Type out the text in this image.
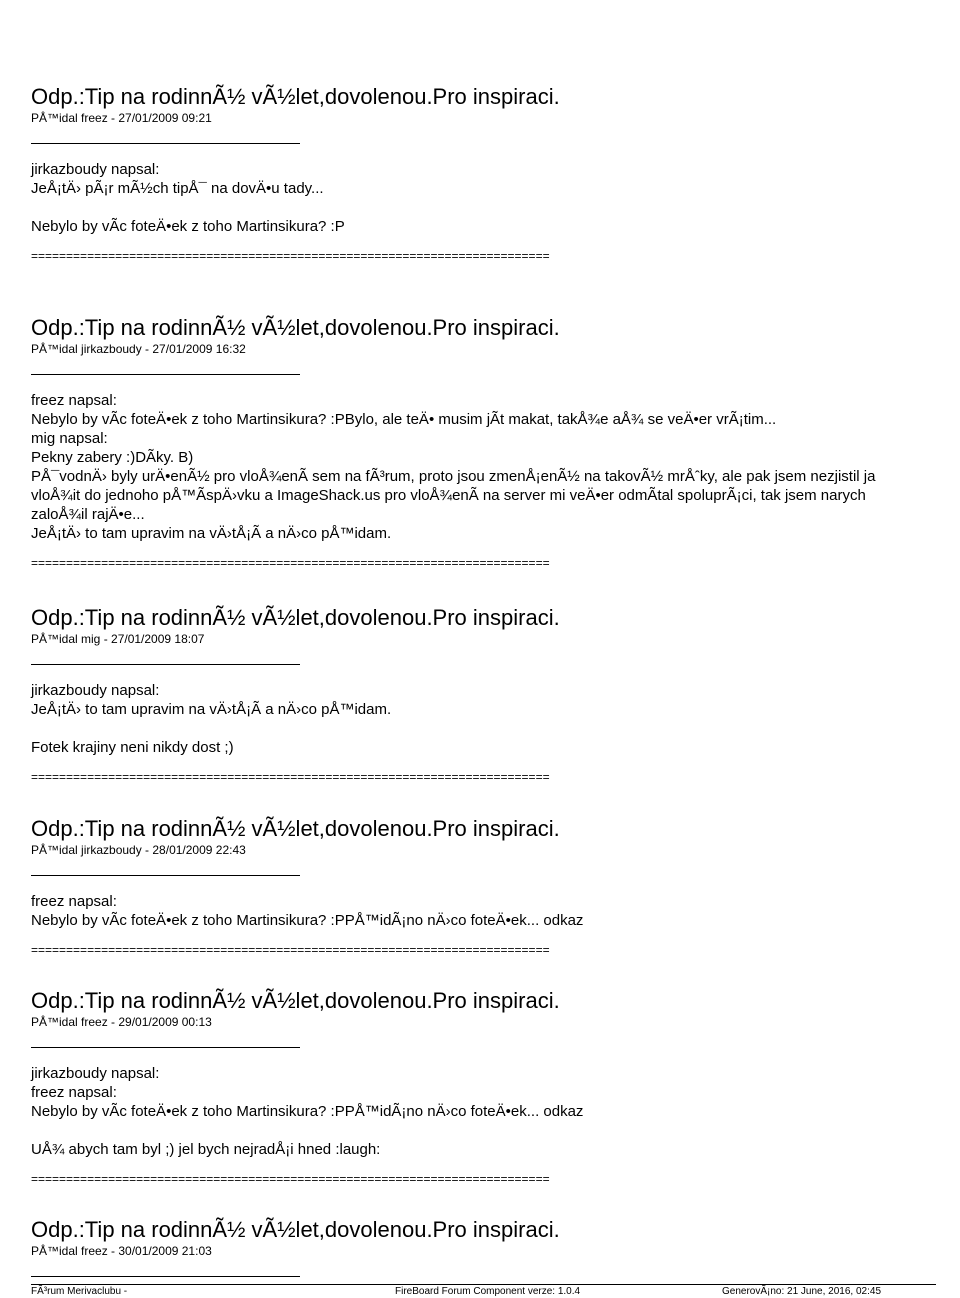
Odp.:Tip na rodinnÃ½ vÃ½let,dovolenou.Pro inspiraci.
PÅ™idal freez - 27/01/2009 09:21

jirkazboudy napsal:

JeÅ¡tÄ› pÃ¡r mÃ½ch tipÅ¯ na dovÄ•u tady...

Nebylo by vÃc foteÄ•ek z toho Martinsikura? :P

==========================================================================
Odp.:Tip na rodinnÃ½ vÃ½let,dovolenou.Pro inspiraci.
PÅ™idal jirkazboudy - 27/01/2009 16:32

freez napsal:

Nebylo by vÃc foteÄ•ek z toho Martinsikura? :PBylo, ale teÄ• musim jÃt makat, takÅ¾e aÅ¾ se veÄ•er vrÃ¡tim...

mig napsal:

Pekny zabery :)DÃky. B)

PÅ¯vodnÄ› byly urÄ•enÃ½ pro vloÅ¾enÃ sem na fÃ³rum, proto jsou zmenÅ¡enÃ½ na takovÃ½ mrÅˆky, ale pak jsem nezjistil ja

vloÅ¾it do jednoho pÅ™ÃspÄ›vku a ImageShack.us pro vloÅ¾enÃ na server mi veÄ•er odmÃtal spoluprÃ¡ci, tak jsem narych

zaloÅ¾il rajÄ•e...

JeÅ¡tÄ› to tam upravim na vÄ›tÅ¡Ã a nÄ›co pÅ™idam.

==========================================================================
Odp.:Tip na rodinnÃ½ vÃ½let,dovolenou.Pro inspiraci.
PÅ™idal mig - 27/01/2009 18:07

jirkazboudy napsal:

JeÅ¡tÄ› to tam upravim na vÄ›tÅ¡Ã a nÄ›co pÅ™idam.

Fotek krajiny neni nikdy dost ;)

==========================================================================
Odp.:Tip na rodinnÃ½ vÃ½let,dovolenou.Pro inspiraci.
PÅ™idal jirkazboudy - 28/01/2009 22:43

freez napsal:

Nebylo by vÃc foteÄ•ek z toho Martinsikura? :PPÅ™idÃ¡no nÄ›co foteÄ•ek... odkaz

==========================================================================
Odp.:Tip na rodinnÃ½ vÃ½let,dovolenou.Pro inspiraci.
PÅ™idal freez - 29/01/2009 00:13

jirkazboudy napsal:

freez napsal:

Nebylo by vÃc foteÄ•ek z toho Martinsikura? :PPÅ™idÃ¡no nÄ›co foteÄ•ek... odkaz

UÅ¾ abych tam byl ;) jel bych nejradÅ¡i hned :laugh:

==========================================================================
Odp.:Tip na rodinnÃ½ vÃ½let,dovolenou.Pro inspiraci.
PÅ™idal freez - 30/01/2009 21:03
FÃ³rum Merivaclubu -	FireBoard Forum Component verze: 1.0.4	GenerovÃ¡no: 21 June, 2016, 02:45
